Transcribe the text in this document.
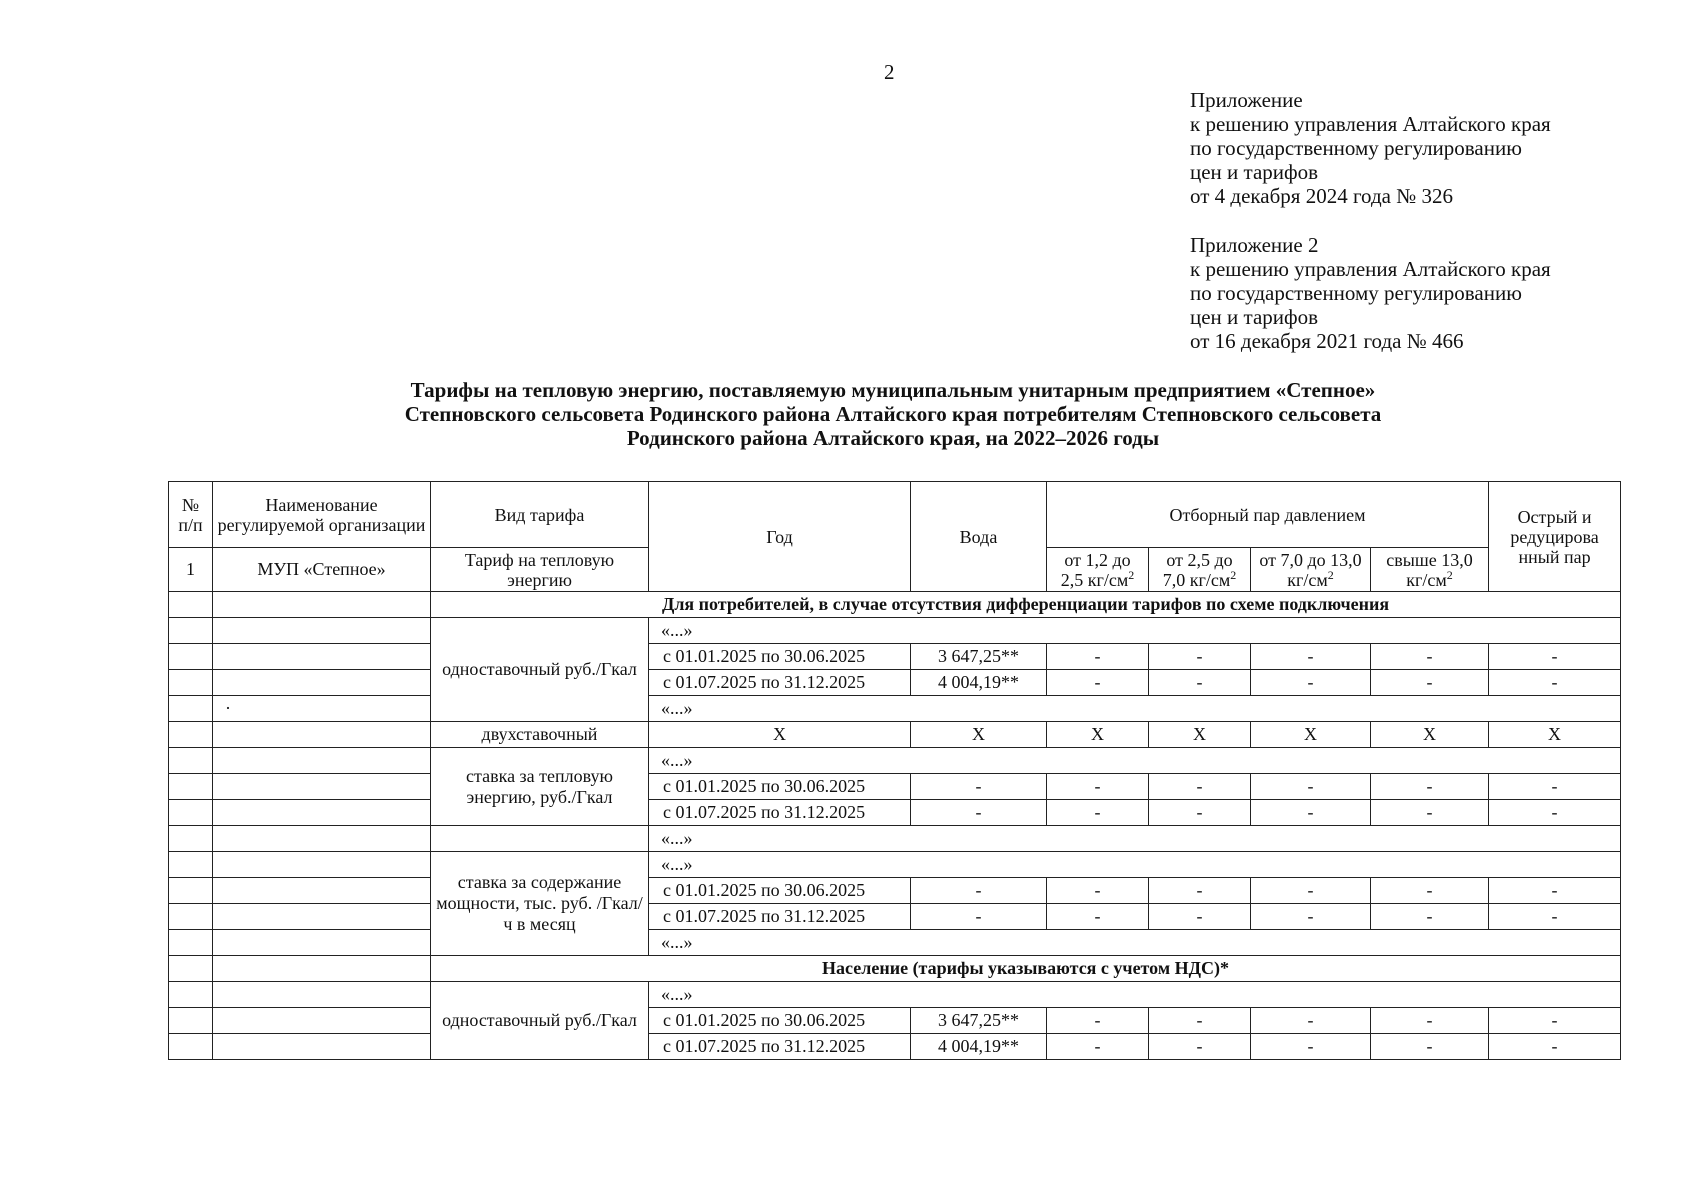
2
Приложение
к решению управления Алтайского края
по государственному регулированию
цен и тарифов
от 4 декабря 2024 года № 326
Приложение 2
к решению управления Алтайского края
по государственному регулированию
цен и тарифов
от 16 декабря 2021 года № 466
Тарифы на тепловую энергию, поставляемую муниципальным унитарным предприятием «Степное»
Степновского сельсовета Родинского района Алтайского края потребителям Степновского сельсовета
Родинского района Алтайского края, на 2022–2026 годы
№ п/п	Наименование регулируемой организации	Вид тарифа	Год	Вода	Отборный пар давлением				Острый и редуцирова нный пар
1	МУП «Степное»	Тариф на тепловую энергию			от 1,2 до 2,5 $кг/см^2$	от 2,5 до 7,0 $кг/см^2$	от 7,0 до 13,0 $кг/см^2$	свыше 13,0 $кг/см^2$
		Для потребителей, в случае отсутствия дифференциации тарифов по схеме подключения							
		одноставочный руб./Гкал	«...»						
			с 01.01.2025 по 30.06.2025	3 647,25**	-	-	-	-	-
			с 01.07.2025 по 31.12.2025	4 004,19**	-	-	-	-	-
	·		«...»						
		двухставочный	X	X	X	X	X	X	X
		ставка за тепловую энергию, руб./Гкал	«...»						
			с 01.01.2025 по 30.06.2025	-	-	-	-	-	-
			с 01.07.2025 по 31.12.2025	-	-	-	-	-	-
			«...»						
		ставка за содержание мощности, тыс. руб. /Гкал/ч в месяц	«...»						
			с 01.01.2025 по 30.06.2025	-	-	-	-	-	-
			с 01.07.2025 по 31.12.2025	-	-	-	-	-	-
			«...»						
		Население (тарифы указываются с учетом НДС)*							
		одноставочный руб./Гкал	«...»						
			с 01.01.2025 по 30.06.2025	3 647,25**	-	-	-	-	-
			с 01.07.2025 по 31.12.2025	4 004,19**	-	-	-	-	-
